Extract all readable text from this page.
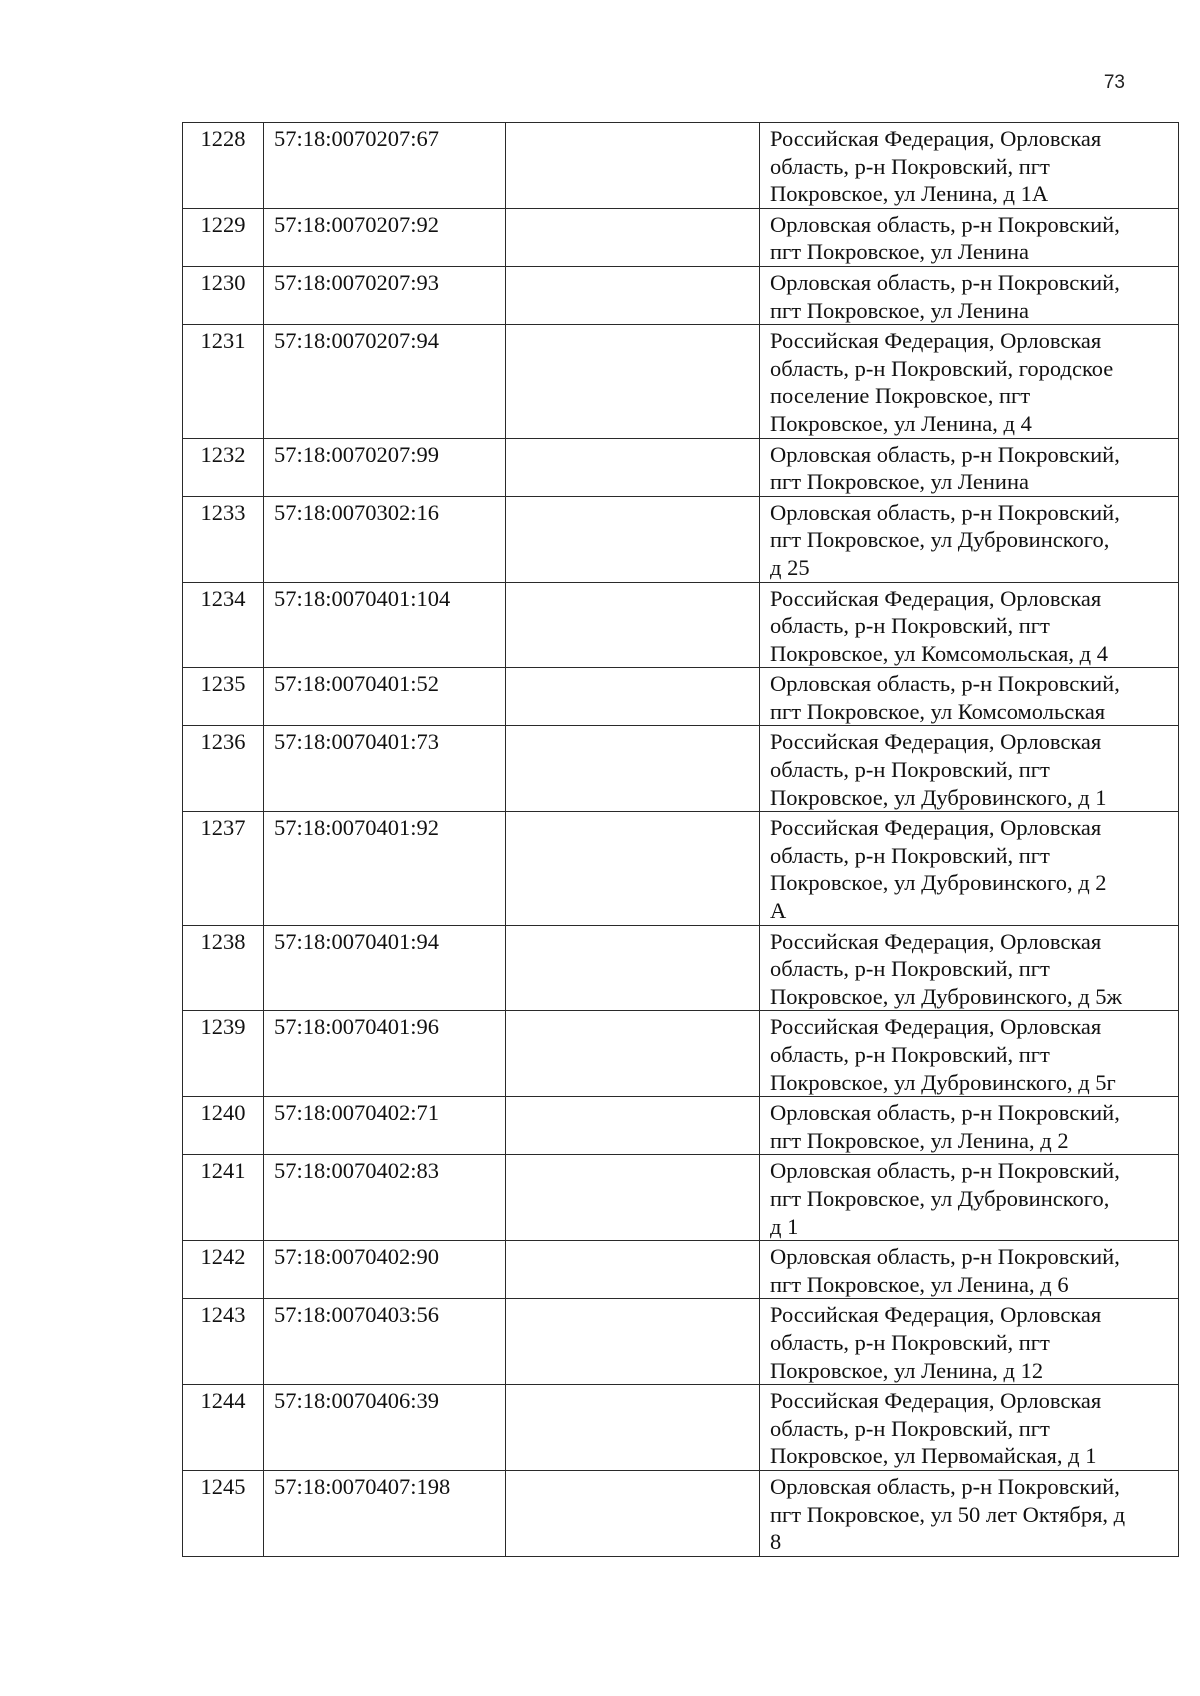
73
1228	57:18:0070207:67		Российская Федерация, Орловская
область, р-н Покровский, пгт
Покровское, ул Ленина, д 1А
1229	57:18:0070207:92		Орловская область, р-н Покровский,
пгт Покровское, ул Ленина
1230	57:18:0070207:93		Орловская область, р-н Покровский,
пгт Покровское, ул Ленина
1231	57:18:0070207:94		Российская Федерация, Орловская
область, р-н Покровский, городское
поселение Покровское, пгт
Покровское, ул Ленина, д 4
1232	57:18:0070207:99		Орловская область, р-н Покровский,
пгт Покровское, ул Ленина
1233	57:18:0070302:16		Орловская область, р-н Покровский,
пгт Покровское, ул Дубровинского,
д 25
1234	57:18:0070401:104		Российская Федерация, Орловская
область, р-н Покровский, пгт
Покровское, ул Комсомольская, д 4
1235	57:18:0070401:52		Орловская область, р-н Покровский,
пгт Покровское, ул Комсомольская
1236	57:18:0070401:73		Российская Федерация, Орловская
область, р-н Покровский, пгт
Покровское, ул Дубровинского, д 1
1237	57:18:0070401:92		Российская Федерация, Орловская
область, р-н Покровский, пгт
Покровское, ул Дубровинского, д 2
А
1238	57:18:0070401:94		Российская Федерация, Орловская
область, р-н Покровский, пгт
Покровское, ул Дубровинского, д 5ж
1239	57:18:0070401:96		Российская Федерация, Орловская
область, р-н Покровский, пгт
Покровское, ул Дубровинского, д 5г
1240	57:18:0070402:71		Орловская область, р-н Покровский,
пгт Покровское, ул Ленина, д 2
1241	57:18:0070402:83		Орловская область, р-н Покровский,
пгт Покровское, ул Дубровинского,
д 1
1242	57:18:0070402:90		Орловская область, р-н Покровский,
пгт Покровское, ул Ленина, д 6
1243	57:18:0070403:56		Российская Федерация, Орловская
область, р-н Покровский, пгт
Покровское, ул Ленина, д 12
1244	57:18:0070406:39		Российская Федерация, Орловская
область, р-н Покровский, пгт
Покровское, ул Первомайская, д 1
1245	57:18:0070407:198		Орловская область, р-н Покровский,
пгт Покровское, ул 50 лет Октября, д
8
